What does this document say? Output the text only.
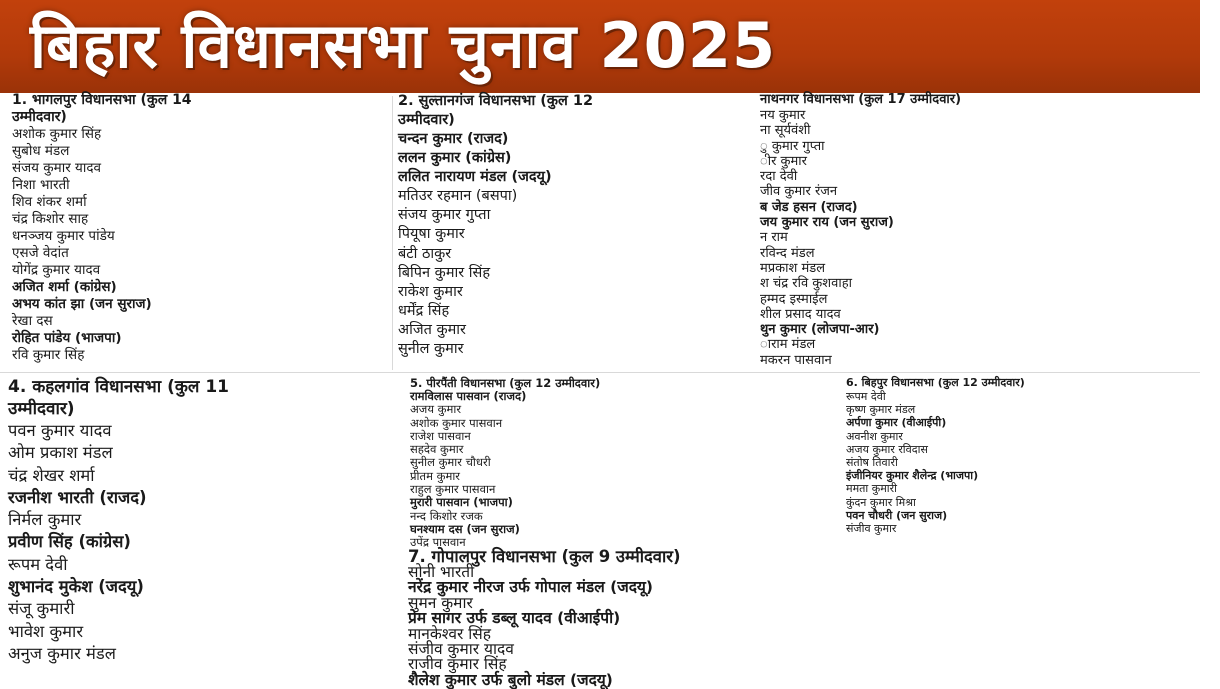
बिहार विधानसभा चुनाव 2025
1. भागलपुर विधानसभा (कुल 14
उम्मीदवार)
अशोक कुमार सिंह
सुबोध मंडल
संजय कुमार यादव
निशा भारती
शिव शंकर शर्मा
चंद्र किशोर साह
धनञ्जय कुमार पांडेय
एसजे वेदांत
योगेंद्र कुमार यादव
अजित शर्मा (कांग्रेस)
अभय कांत झा (जन सुराज)
रेखा दस
रोहित पांडेय (भाजपा)
रवि कुमार सिंह
2. सुल्तानगंज विधानसभा (कुल 12
उम्मीदवार)
चन्दन कुमार (राजद)
ललन कुमार (कांग्रेस)
ललित नारायण मंडल (जदयू)
मतिउर रहमान (बसपा)
संजय कुमार गुप्ता
पियूषा कुमार
बंटी ठाकुर
बिपिन कुमार सिंह
राकेश कुमार
धर्मेंद्र सिंह
अजित कुमार
सुनील कुमार
नाथनगर विधानसभा (कुल 17 उम्मीदवार)
नय कुमार
ना सूर्यवंशी
ु कुमार गुप्ता
ीर कुमार
रदा देवी
जीव कुमार रंजन
ब जेड हसन (राजद)
जय कुमार राय (जन सुराज)
न राम
रविन्द मंडल
मप्रकाश मंडल
श चंद्र रवि कुशवाहा
हम्मद इस्माईल
शील प्रसाद यादव
थुन कुमार (लोजपा-आर)
ाराम मंडल
मकरन पासवान
4. कहलगांव विधानसभा (कुल 11
उम्मीदवार)
पवन कुमार यादव
ओम प्रकाश मंडल
चंद्र शेखर शर्मा
रजनीश भारती (राजद)
निर्मल कुमार
प्रवीण सिंह (कांग्रेस)
रूपम देवी
शुभानंद मुकेश (जदयू)
संजू कुमारी
भावेश कुमार
अनुज कुमार मंडल
5. पीरपैंती विधानसभा (कुल 12 उम्मीदवार)
रामविलास पासवान (राजद)
अजय कुमार
अशोक कुमार पासवान
राजेश पासवान
सहदेव कुमार
सुनील कुमार चौधरी
प्रीतम कुमार
राहुल कुमार पासवान
मुरारी पासवान (भाजपा)
नन्द किशोर रजक
घनश्याम दस (जन सुराज)
उपेंद्र पासवान
6. बिहपुर विधानसभा (कुल 12 उम्मीदवार)
रूपम देवी
कृष्ण कुमार मंडल
अर्पणा कुमार (वीआईपी)
अवनीश कुमार
अजय कुमार रविदास
संतोष तिवारी
इंजीनियर कुमार शैलेन्द्र (भाजपा)
ममता कुमारी
कुंदन कुमार मिश्रा
पवन चौधरी (जन सुराज)
संजीव कुमार
7. गोपालपुर विधानसभा (कुल 9 उम्मीदवार)
सोनी भारती
नरेंद्र कुमार नीरज उर्फ गोपाल मंडल (जदयू)
सुमन कुमार
प्रेम सागर उर्फ डब्लू यादव (वीआईपी)
मानकेश्वर सिंह
संजीव कुमार यादव
राजीव कुमार सिंह
शैलेश कुमार उर्फ बुलो मंडल (जदयू)
